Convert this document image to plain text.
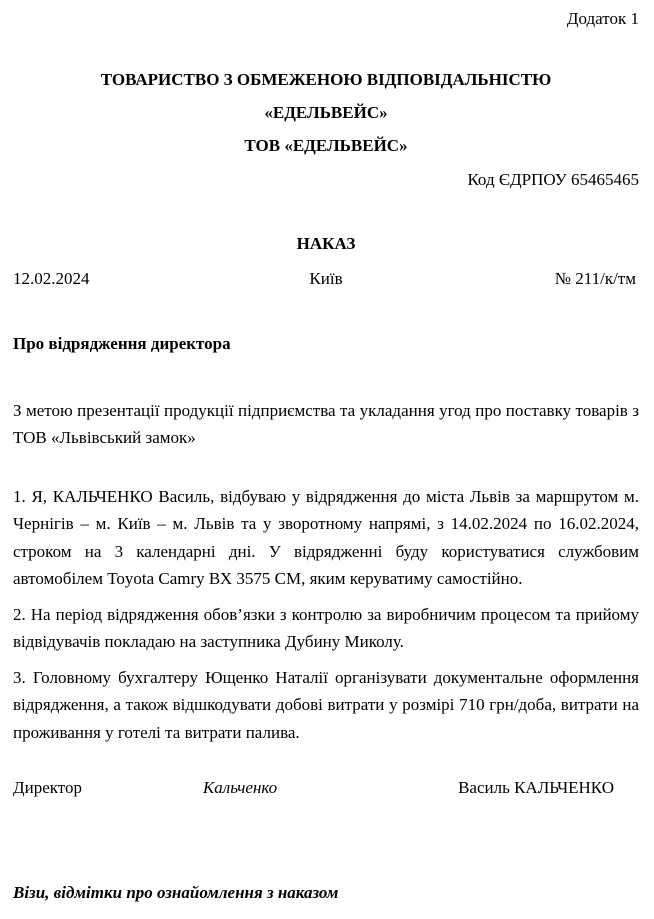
Додаток 1
ТОВАРИСТВО З ОБМЕЖЕНОЮ ВІДПОВІДАЛЬНІСТЮ
«ЕДЕЛЬВЕЙС»
ТОВ «ЕДЕЛЬВЕЙС»
Код ЄДРПОУ 65465465
НАКАЗ
12.02.2024	Київ	№ 211/к/тм
Про відрядження директора
З метою презентації продукції підприємства та укладання угод про поставку товарів з ТОВ «Львівський замок»

1. Я, КАЛЬЧЕНКО Василь, відбуваю у відрядження до міста Львів за маршрутом м. Чернігів – м. Київ – м. Львів та у зворотному напрямі, з 14.02.2024 по 16.02.2024, строком на 3 календарні дні. У відрядженні буду користуватися службовим автомобілем Toyota Camry ВХ 3575 СМ, яким керуватиму самостійно.

2. На період відрядження обов’язки з контролю за виробничим процесом та прийому відвідувачів покладаю на заступника Дубину Миколу.

3. Головному бухгалтеру Ющенко Наталії організувати документальне оформлення відрядження, а також відшкодувати добові витрати у розмірі 710 грн/доба, витрати на проживання у готелі та витрати палива.

Директор	Кальченко	Василь КАЛЬЧЕНКО
Візи, відмітки про ознайомлення з наказом
